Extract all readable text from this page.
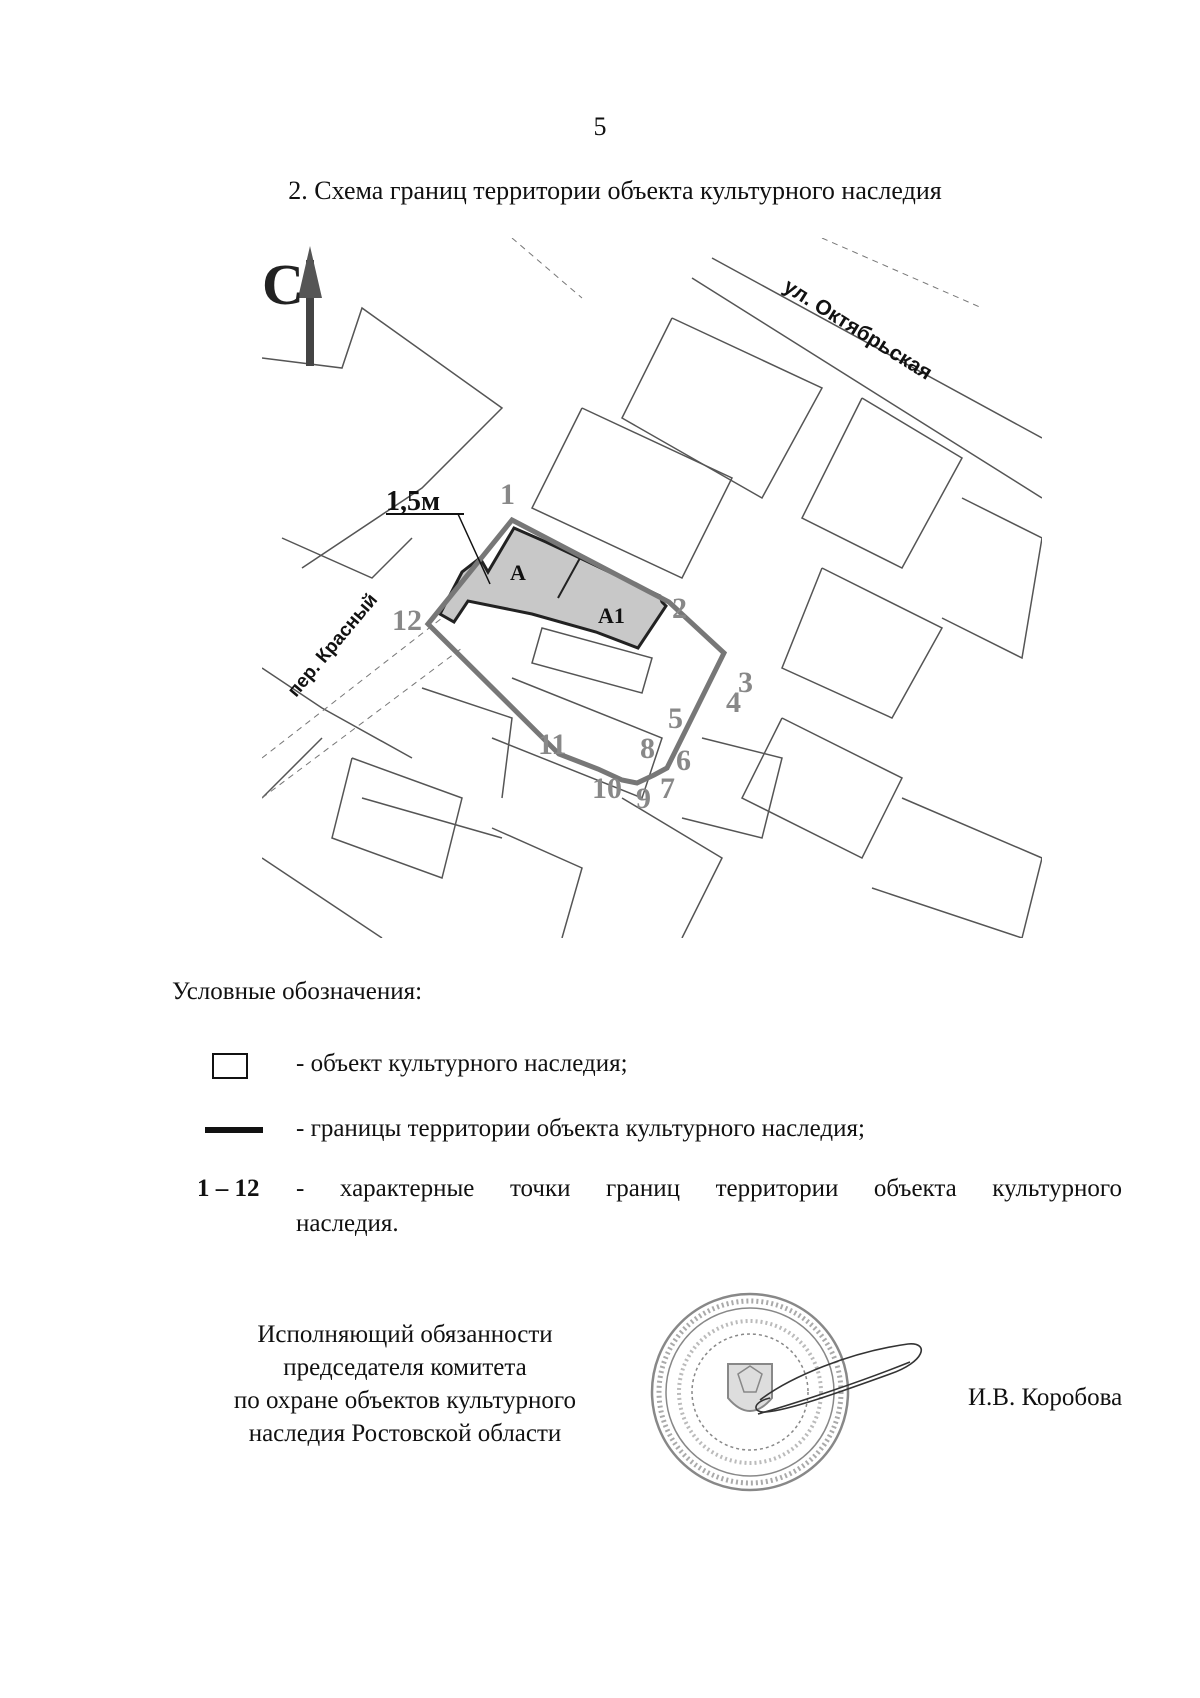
5
2. Схема границ территории объекта культурного наследия
С
А
А1
1,5м
ул. Октябрьская
пер. Красный
1
2
3
4
5
6
7
8
9
10
11
12
Условные обозначения:
- объект культурного наследия;
- границы территории объекта культурного наследия;
1 – 12 - характерные точки границ территории объекта культурного
наследия.
Исполняющий обязанности
председателя комитета
по охране объектов культурного
наследия Ростовской области
И.В. Коробова
